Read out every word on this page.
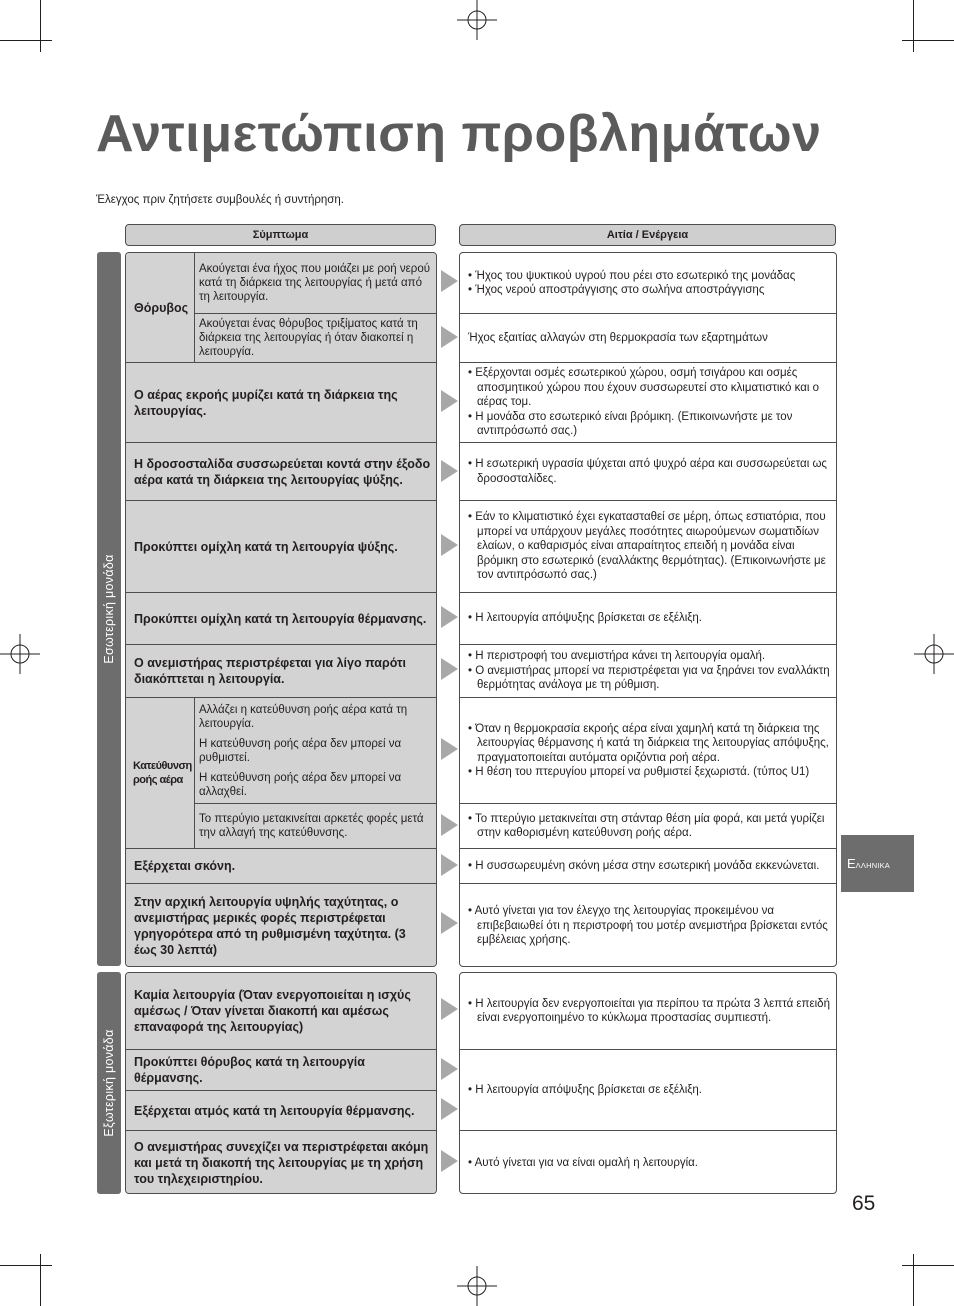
Αντιμετώπιση προβλημάτων
Έλεγχος πριν ζητήσετε συμβουλές ή συντήρηση.
Σύμπτωμα	Αιτία / Ενέργεια
Εσωτερική μονάδα
Εξωτερική μονάδα
Θόρυβος
Ακούγεται ένα ήχος που μοιάζει με ροή νερού κατά τη διάρκεια της λειτουργίας ή μετά από τη λειτουργία.
Ακούγεται ένας θόρυβος τριξίματος κατά τη διάρκεια της λειτουργίας ή όταν διακοπεί η λειτουργία.
Ο αέρας εκροής μυρίζει κατά τη διάρκεια της λειτουργίας.
Η δροσοσταλίδα συσσωρεύεται κοντά στην έξοδο αέρα κατά τη διάρκεια της λειτουργίας ψύξης.
Προκύπτει ομίχλη κατά τη λειτουργία ψύξης.
Προκύπτει ομίχλη κατά τη λειτουργία θέρμανσης.
Ο ανεμιστήρας περιστρέφεται για λίγο παρότι διακόπτεται η λειτουργία.
Κατεύθυνση ροής αέρα
Αλλάζει η κατεύθυνση ροής αέρα κατά τη λειτουργία.
Η κατεύθυνση ροής αέρα δεν μπορεί να ρυθμιστεί.
Η κατεύθυνση ροής αέρα δεν μπορεί να αλλαχθεί.
Το πτερύγιο μετακινείται αρκετές φορές μετά την αλλαγή της κατεύθυνσης.
Εξέρχεται σκόνη.
Στην αρχική λειτουργία υψηλής ταχύτητας, ο ανεμιστήρας μερικές φορές περιστρέφεται γρηγορότερα από τη ρυθμισμένη ταχύτητα. (3 έως 30 λεπτά)
Καμία λειτουργία (Όταν ενεργοποιείται η ισχύς αμέσως / Όταν γίνεται διακοπή και αμέσως επαναφορά της λειτουργίας)
Προκύπτει θόρυβος κατά τη λειτουργία θέρμανσης.
Εξέρχεται ατμός κατά τη λειτουργία θέρμανσης.
Ο ανεμιστήρας συνεχίζει να περιστρέφεται ακόμη και μετά τη διακοπή της λειτουργίας με τη χρήση του τηλεχειριστηρίου.
• Ήχος του ψυκτικού υγρού που ρέει στο εσωτερικό της μονάδας
• Ήχος νερού αποστράγγισης στο σωλήνα αποστράγγισης
Ήχος εξαιτίας αλλαγών στη θερμοκρασία των εξαρτημάτων
• Εξέρχονται οσμές εσωτερικού χώρου, οσμή τσιγάρου και οσμές αποσμητικού χώρου που έχουν συσσωρευτεί στο κλιματιστικό και ο αέρας τομ.
• Η μονάδα στο εσωτερικό είναι βρόμικη. (Επικοινωνήστε με τον αντιπρόσωπό σας.)
• Η εσωτερική υγρασία ψύχεται από ψυχρό αέρα και συσσωρεύεται ως δροσοσταλίδες.
• Εάν το κλιματιστικό έχει εγκατασταθεί σε μέρη, όπως εστιατόρια, που μπορεί να υπάρχουν μεγάλες ποσότητες αιωρούμενων σωματιδίων ελαίων, ο καθαρισμός είναι απαραίτητος επειδή η μονάδα είναι βρόμικη στο εσωτερικό (εναλλάκτης θερμότητας). (Επικοινωνήστε με τον αντιπρόσωπό σας.)
• Η λειτουργία απόψυξης βρίσκεται σε εξέλιξη.
• Η περιστροφή του ανεμιστήρα κάνει τη λειτουργία ομαλή.
• Ο ανεμιστήρας μπορεί να περιστρέφεται για να ξηράνει τον εναλλάκτη θερμότητας ανάλογα με τη ρύθμιση.
• Όταν η θερμοκρασία εκροής αέρα είναι χαμηλή κατά τη διάρκεια της λειτουργίας θέρμανσης ή κατά τη διάρκεια της λειτουργίας απόψυξης, πραγματοποιείται αυτόματα οριζόντια ροή αέρα.
• Η θέση του πτερυγίου μπορεί να ρυθμιστεί ξεχωριστά. (τύπος U1)
• Το πτερύγιο μετακινείται στη στάνταρ θέση μία φορά, και μετά γυρίζει στην καθορισμένη κατεύθυνση ροής αέρα.
• Η συσσωρευμένη σκόνη μέσα στην εσωτερική μονάδα εκκενώνεται.
• Αυτό γίνεται για τον έλεγχο της λειτουργίας προκειμένου να επιβεβαιωθεί ότι η περιστροφή του μοτέρ ανεμιστήρα βρίσκεται εντός εμβέλειας χρήσης.
• Η λειτουργία δεν ενεργοποιείται για περίπου τα πρώτα 3 λεπτά επειδή είναι ενεργοποιημένο το κύκλωμα προστασίας συμπιεστή.
• Η λειτουργία απόψυξης βρίσκεται σε εξέλιξη.
• Αυτό γίνεται για να είναι ομαλή η λειτουργία.
EΛΛΗΝΙΚΑ
65
